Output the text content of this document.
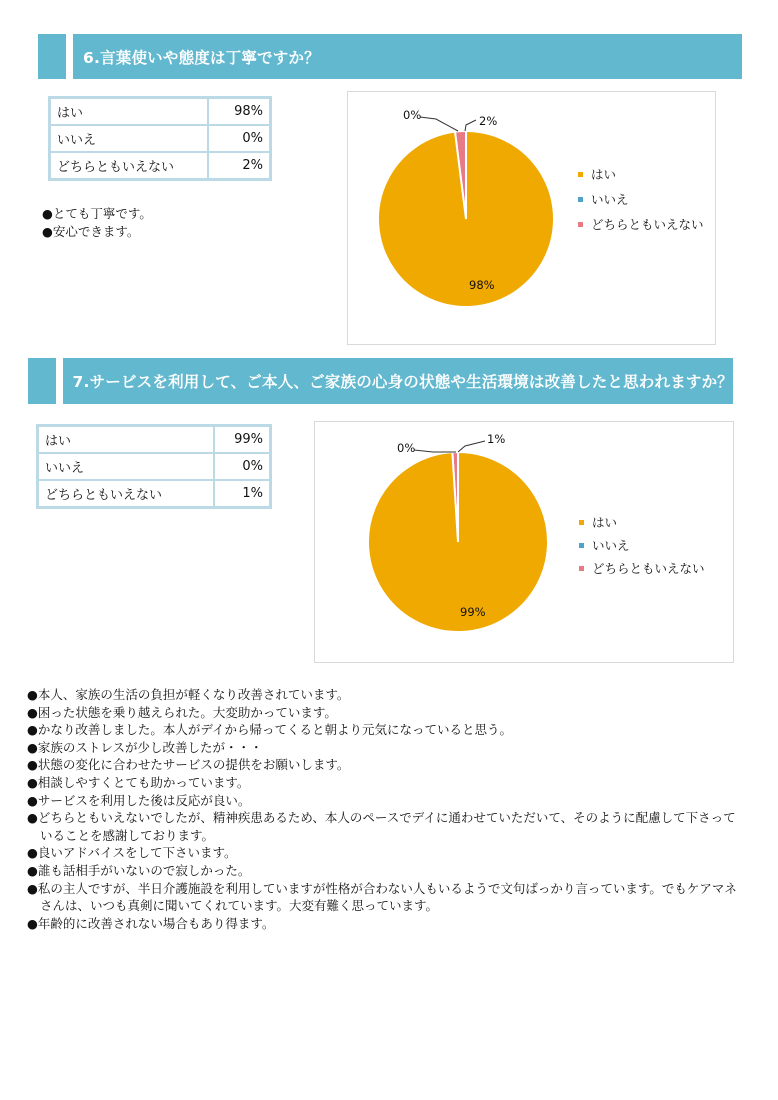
6.言葉使いや態度は丁寧ですか？
はい	98%
いいえ	0%
どちらともいえない	2%
●とても丁寧です。
●安心できます。
0%	2%
98%
はい
いいえ
どちらともいえない
7.サービスを利用して、ご本人、ご家族の心身の状態や生活環境は改善したと思われますか？
はい	99%
いいえ	0%
どちらともいえない	1%
0%
1%
99%
はい
いいえ
どちらともいえない
●本人、家族の生活の負担が軽くなり改善されています。
●困った状態を乗り越えられた。大変助かっています。
●かなり改善しました。本人がデイから帰ってくると朝より元気になっていると思う。
●家族のストレスが少し改善したが・・・
●状態の変化に合わせたサービスの提供をお願いします。
●相談しやすくとても助かっています。
●サービスを利用した後は反応が良い。
●どちらともいえないでしたが、精神疾患あるため、本人のペースでデイに通わせていただいて、そのように配慮して下さっていることを感謝しております。
●良いアドバイスをして下さいます。
●誰も話相手がいないので寂しかった。
●私の主人ですが、半日介護施設を利用していますが性格が合わない人もいるようで文句ばっかり言っています。でもケアマネさんは、いつも真剣に聞いてくれています。大変有難く思っています。
●年齢的に改善されない場合もあり得ます。
